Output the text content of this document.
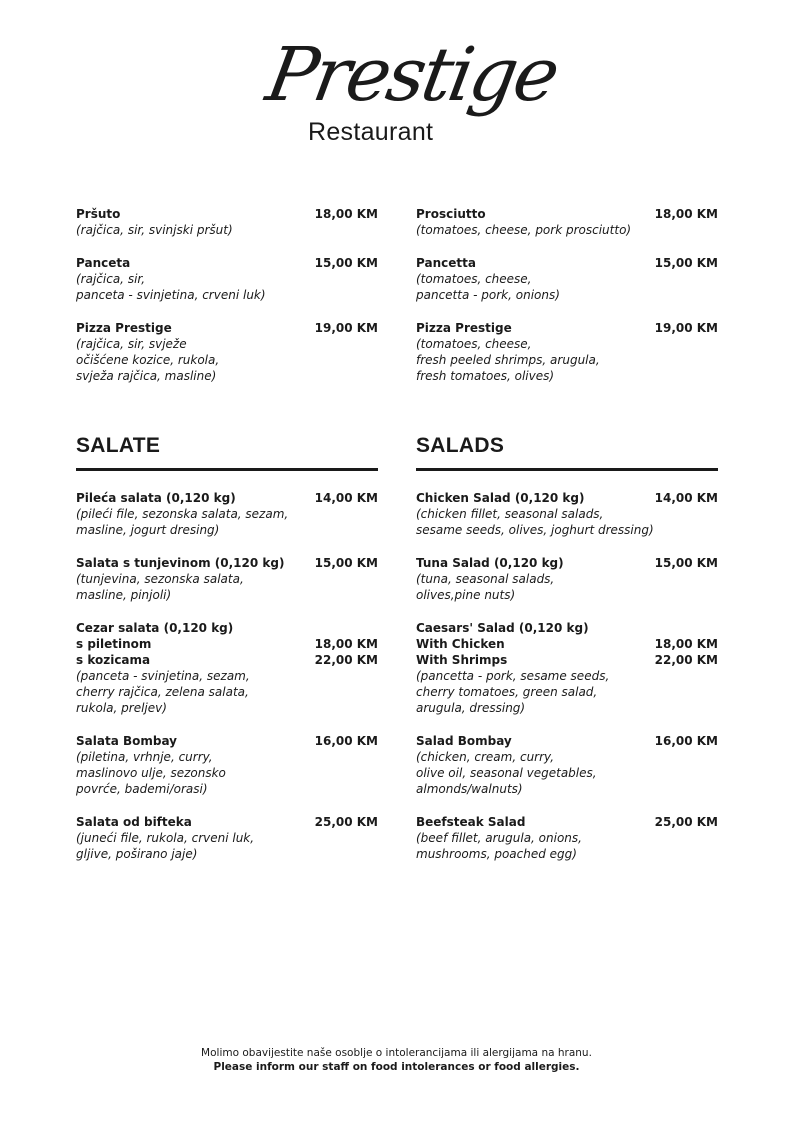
Prestige
Restaurant
Pršuto	18,00 KM
(rajčica, sir, svinjski pršut)
Panceta	15,00 KM
(rajčica, sir,
panceta - svinjetina, crveni luk)
Pizza Prestige	19,00 KM
(rajčica, sir, svježe
očišćene kozice, rukola,
svježa rajčica, masline)
SALATE
Pileća salata (0,120 kg)	14,00 KM
(pileći file, sezonska salata, sezam,
masline, jogurt dresing)
Salata s tunjevinom (0,120 kg)	15,00 KM
(tunjevina, sezonska salata,
masline, pinjoli)
Cezar salata (0,120 kg)
s piletinom	18,00 KM
s kozicama	22,00 KM
(panceta - svinjetina, sezam,
cherry rajčica, zelena salata,
rukola, preljev)
Salata Bombay	16,00 KM
(piletina, vrhnje, curry,
maslinovo ulje, sezonsko
povrće, bademi/orasi)
Salata od bifteka	25,00 KM
(juneći file, rukola, crveni luk,
gljive, poširano jaje)
Prosciutto	18,00 KM
(tomatoes, cheese, pork prosciutto)
Pancetta	15,00 KM
(tomatoes, cheese,
pancetta - pork, onions)
Pizza Prestige	19,00 KM
(tomatoes, cheese,
fresh peeled shrimps, arugula,
fresh tomatoes, olives)
SALADS
Chicken Salad (0,120 kg)	14,00 KM
(chicken fillet, seasonal salads,
sesame seeds, olives, joghurt dressing)
Tuna Salad (0,120 kg)	15,00 KM
(tuna, seasonal salads,
olives,pine nuts)
Caesars' Salad (0,120 kg)
With Chicken	18,00 KM
With Shrimps	22,00 KM
(pancetta - pork, sesame seeds,
cherry tomatoes, green salad,
arugula, dressing)
Salad Bombay	16,00 KM
(chicken, cream, curry,
olive oil, seasonal vegetables,
almonds/walnuts)
Beefsteak Salad	25,00 KM
(beef fillet, arugula, onions,
mushrooms, poached egg)
Molimo obavijestite naše osoblje o intolerancijama ili alergijama na hranu.
Please inform our staff on food intolerances or food allergies.
